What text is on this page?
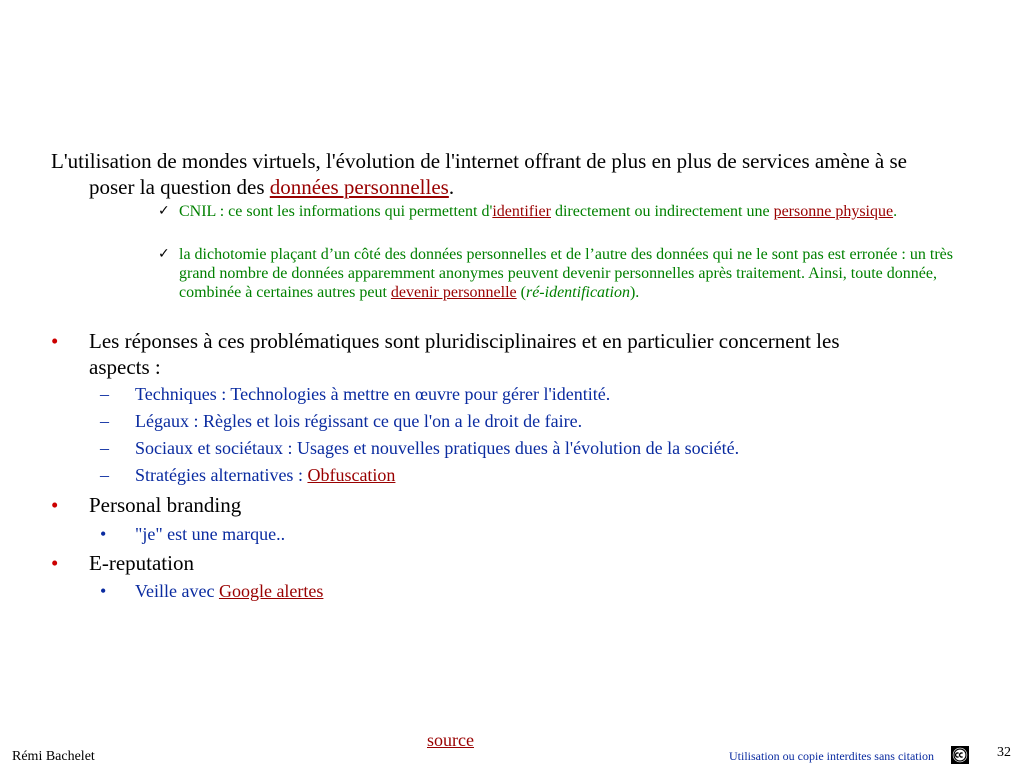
L'utilisation de mondes virtuels, l'évolution de l'internet offrant de plus en plus de services amène à se poser la question des données personnelles.
✓ CNIL : ce sont les informations qui permettent d'identifier directement ou indirectement une personne physique.
✓ la dichotomie plaçant d’un côté des données personnelles et de l’autre des données qui ne le sont pas est erronée : un très grand nombre de données apparemment anonymes peuvent devenir personnelles après traitement. Ainsi, toute donnée, combinée à certaines autres peut devenir personnelle (ré-identification).
• Les réponses à ces problématiques sont pluridisciplinaires et en particulier concernent les aspects :
– Techniques : Technologies à mettre en œuvre pour gérer l'identité.
– Légaux : Règles et lois régissant ce que l'on a le droit de faire.
– Sociaux et sociétaux : Usages et nouvelles pratiques dues à l'évolution de la société.
– Stratégies alternatives : Obfuscation
• Personal branding
• "je" est une marque..
• E-reputation
• Veille avec Google alertes
Rémi Bachelet
source
Utilisation ou copie interdites sans citation	32
